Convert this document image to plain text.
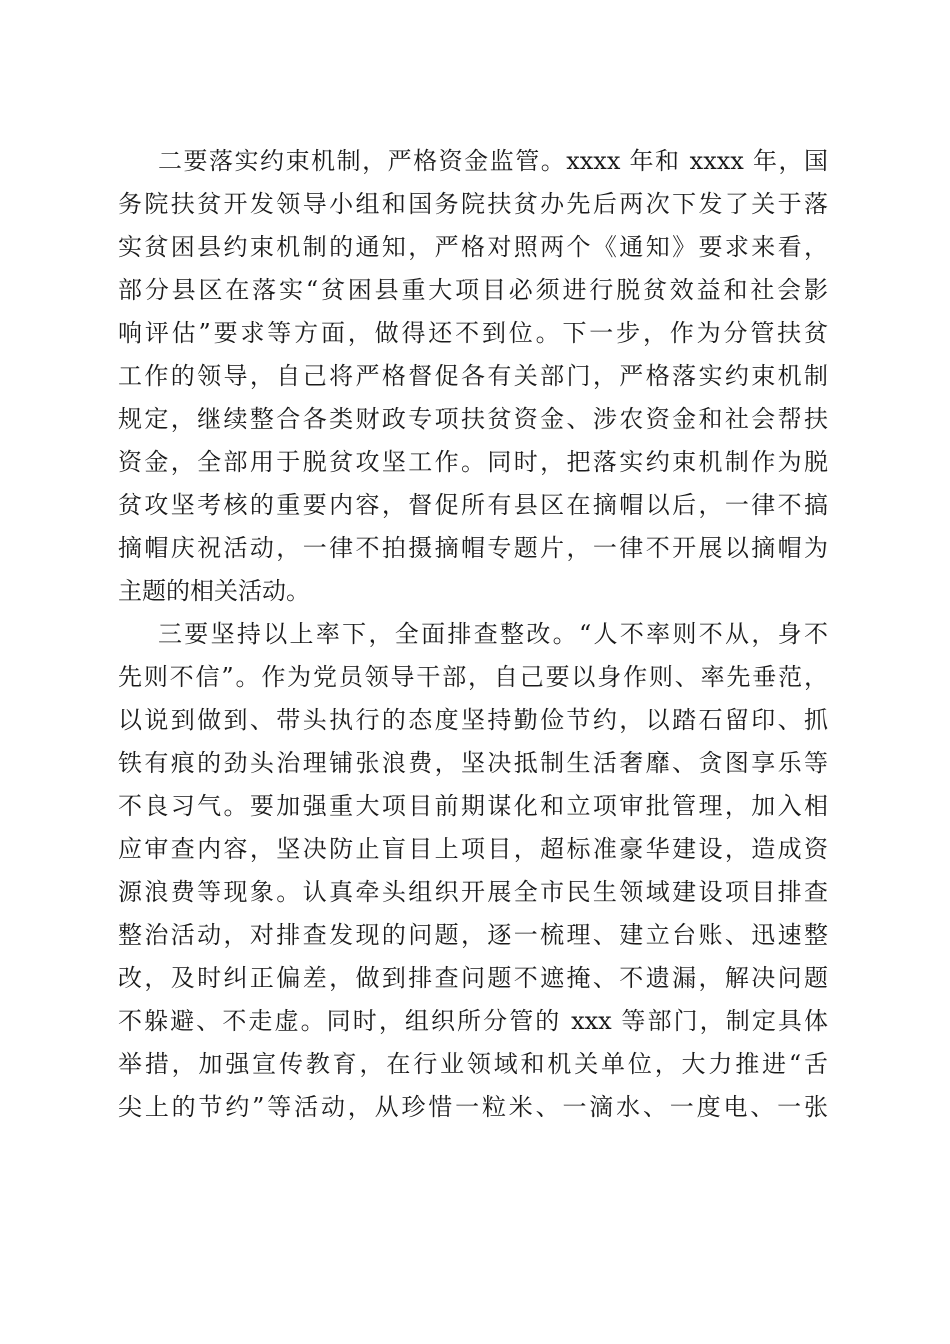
二要落实约束机制，严格资金监管。xxxx 年和 xxxx 年，国
务院扶贫开发领导小组和国务院扶贫办先后两次下发了关于落
实贫困县约束机制的通知，严格对照两个《通知》要求来看，
部分县区在落实“贫困县重大项目必须进行脱贫效益和社会影
响评估”要求等方面，做得还不到位。下一步，作为分管扶贫
工作的领导，自己将严格督促各有关部门，严格落实约束机制
规定，继续整合各类财政专项扶贫资金、涉农资金和社会帮扶
资金，全部用于脱贫攻坚工作。同时，把落实约束机制作为脱
贫攻坚考核的重要内容，督促所有县区在摘帽以后，一律不搞
摘帽庆祝活动，一律不拍摄摘帽专题片，一律不开展以摘帽为
主题的相关活动。
三要坚持以上率下，全面排查整改。“人不率则不从，身不
先则不信”。作为党员领导干部，自己要以身作则、率先垂范，
以说到做到、带头执行的态度坚持勤俭节约，以踏石留印、抓
铁有痕的劲头治理铺张浪费，坚决抵制生活奢靡、贪图享乐等
不良习气。要加强重大项目前期谋化和立项审批管理，加入相
应审查内容，坚决防止盲目上项目，超标准豪华建设，造成资
源浪费等现象。认真牵头组织开展全市民生领域建设项目排查
整治活动，对排查发现的问题，逐一梳理、建立台账、迅速整
改，及时纠正偏差，做到排查问题不遮掩、不遗漏，解决问题
不躲避、不走虚。同时，组织所分管的 xxx 等部门，制定具体
举措，加强宣传教育，在行业领域和机关单位，大力推进“舌
尖上的节约”等活动，从珍惜一粒米、一滴水、一度电、一张
